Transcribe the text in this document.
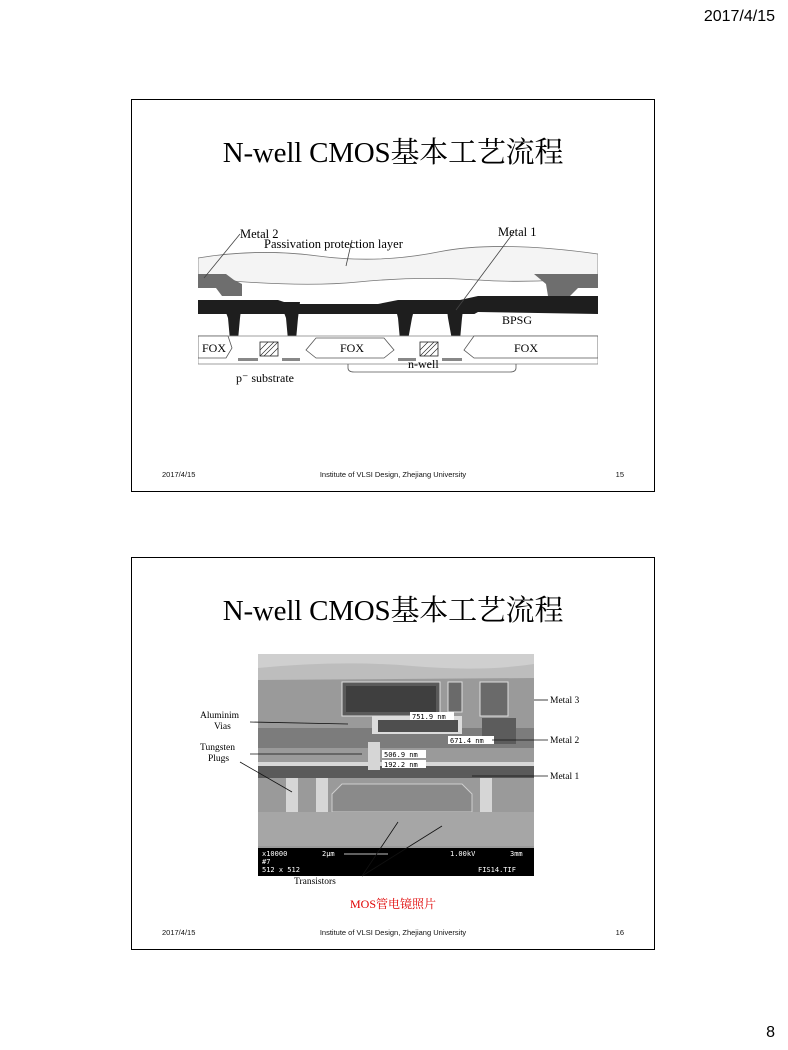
2017/4/15
N-well CMOS基本工艺流程
Metal 2
Passivation protection layer
Metal 1
BPSG
FOX	FOX	FOX
n-well
p⁻ substrate
2017/4/15	Institute of VLSI Design, Zhejiang University	15
N-well CMOS基本工艺流程
751.9 nm
671.4 nm
506.9 nm
192.2 nm
x10000	2μm	1.00kV	3mm
#7
512 x 512	FIS14.TIF
Aluminim
Vias
Tungsten
Plugs
Metal 3
Metal 2
Metal 1
Transistors
MOS管电镜照片
2017/4/15	Institute of VLSI Design, Zhejiang University	16
8
